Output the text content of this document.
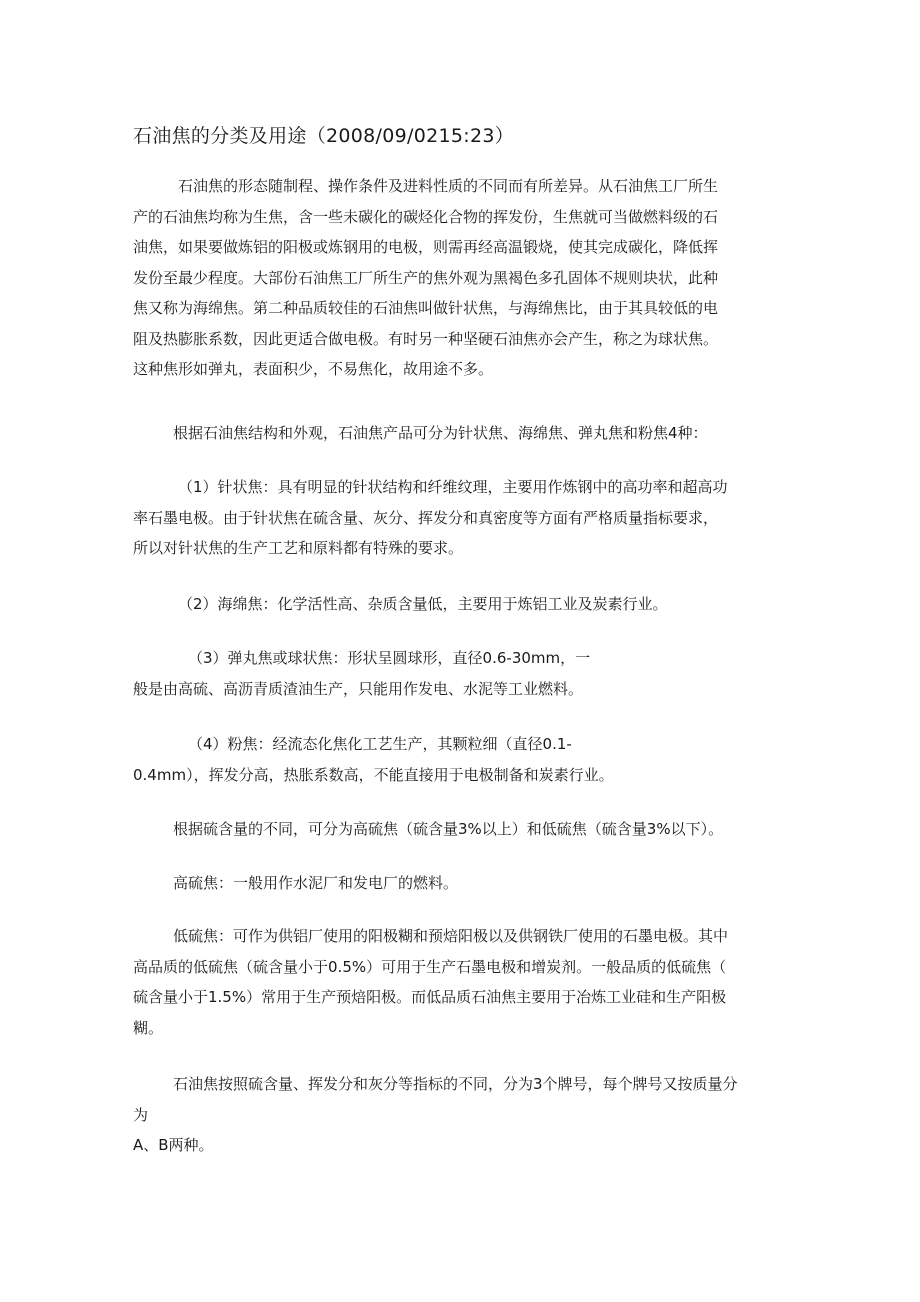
石油焦的分类及用途（2008/09/0215:23）
石油焦的形态随制程、操作条件及进料性质的不同而有所差异。从石油焦工厂所生
产的石油焦均称为生焦，含一些未碳化的碳烃化合物的挥发份，生焦就可当做燃料级的石
油焦，如果要做炼铝的阳极或炼钢用的电极，则需再经高温锻烧，使其完成碳化，降低挥
发份至最少程度。大部份石油焦工厂所生产的焦外观为黑褐色多孔固体不规则块状，此种
焦又称为海绵焦。第二种品质较佳的石油焦叫做针状焦，与海绵焦比，由于其具较低的电
阻及热膨胀系数，因此更适合做电极。有时另一种坚硬石油焦亦会产生，称之为球状焦。
这种焦形如弹丸，表面积少，不易焦化，故用途不多。
根据石油焦结构和外观，石油焦产品可分为针状焦、海绵焦、弹丸焦和粉焦4种：
（1）针状焦：具有明显的针状结构和纤维纹理，主要用作炼钢中的高功率和超高功
率石墨电极。由于针状焦在硫含量、灰分、挥发分和真密度等方面有严格质量指标要求，
所以对针状焦的生产工艺和原料都有特殊的要求。
（2）海绵焦：化学活性高、杂质含量低，主要用于炼铝工业及炭素行业。
（3）弹丸焦或球状焦：形状呈圆球形，直径0.6-30mm，一
般是由高硫、高沥青质渣油生产，只能用作发电、水泥等工业燃料。
（4）粉焦：经流态化焦化工艺生产，其颗粒细（直径0.1-
0.4mm），挥发分高，热胀系数高，不能直接用于电极制备和炭素行业。
根据硫含量的不同，可分为高硫焦（硫含量3%以上）和低硫焦（硫含量3%以下）。
高硫焦：一般用作水泥厂和发电厂的燃料。
低硫焦：可作为供铝厂使用的阳极糊和预焙阳极以及供钢铁厂使用的石墨电极。其中
高品质的低硫焦（硫含量小于0.5%）可用于生产石墨电极和增炭剂。一般品质的低硫焦（
硫含量小于1.5%）常用于生产预焙阳极。而低品质石油焦主要用于冶炼工业硅和生产阳极
糊。
石油焦按照硫含量、挥发分和灰分等指标的不同，分为3个牌号，每个牌号又按质量分
为
A、B两种。
